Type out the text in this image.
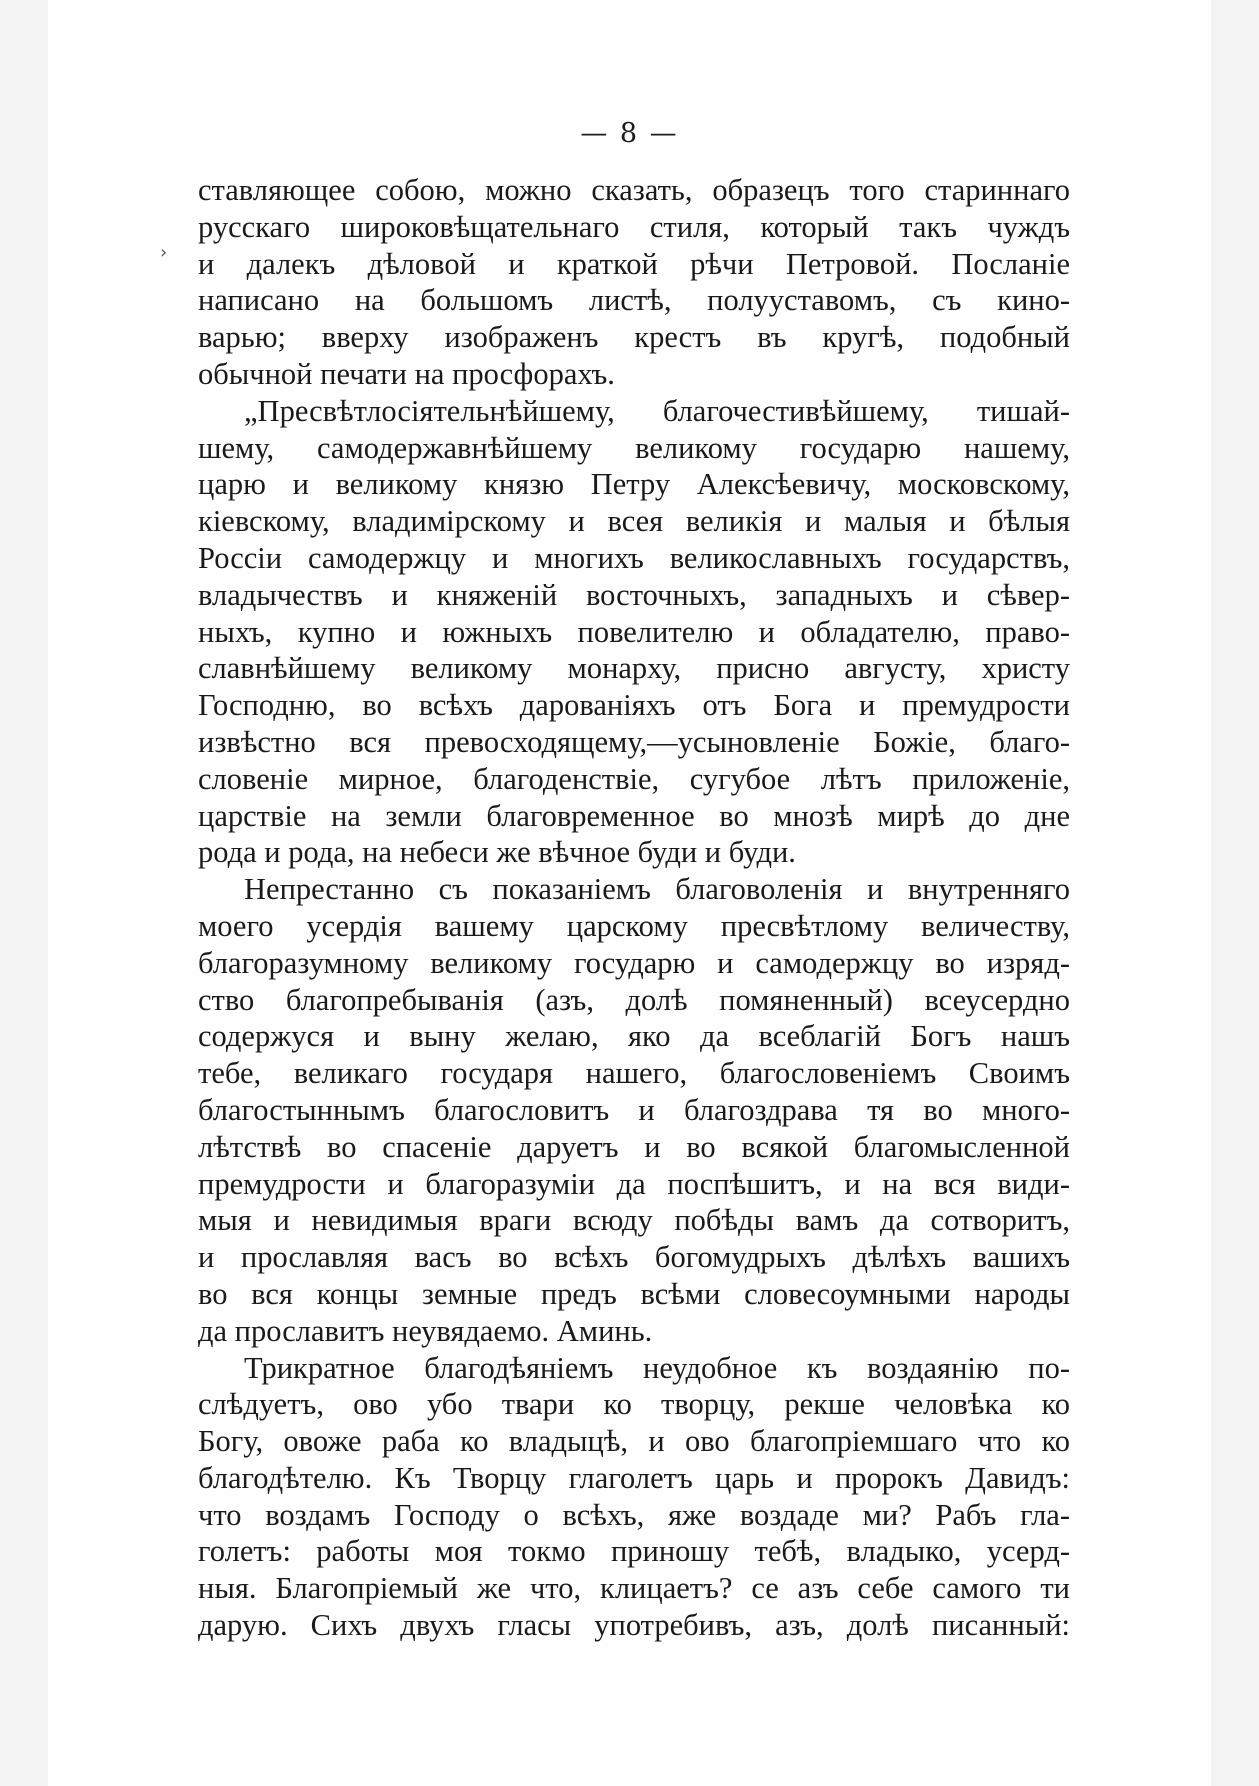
— 8 —
›

ставляющее собою, можно сказать, образецъ того стариннаго
русскаго широковѣщательнаго стиля, который такъ чуждъ
и далекъ дѣловой и краткой рѣчи Петровой. Посланіе
написано на большомъ листѣ, полууставомъ, съ кино-
варью; вверху изображенъ крестъ въ кругѣ, подобный
обычной печати на просфорахъ.

„Пресвѣтлосіятельнѣйшему, благочестивѣйшему, тишай-
шему, самодержавнѣйшему великому государю нашему,
царю и великому князю Петру Алексѣевичу, московскому,
кіевскому, владимірскому и всея великія и малыя и бѣлыя
Россіи самодержцу и многихъ великославныхъ государствъ,
владычествъ и княженій восточныхъ, западныхъ и сѣвер-
ныхъ, купно и южныхъ повелителю и обладателю, право-
славнѣйшему великому монарху, присно августу, христу
Господню, во всѣхъ дарованіяхъ отъ Бога и премудрости
извѣстно вся превосходящему,—усыновленіе Божіе, благо-
словеніе мирное, благоденствіе, сугубое лѣтъ приложеніе,
царствіе на земли благовременное во мнозѣ мирѣ до дне
рода и рода, на небеси же вѣчное буди и буди.

Непрестанно съ показаніемъ благоволенія и внутренняго
моего усердія вашему царскому пресвѣтлому величеству,
благоразумному великому государю и самодержцу во изряд-
ство благопребыванія (азъ, долѣ помяненный) всеусердно
содержуся и выну желаю, яко да всеблагій Богъ нашъ
тебе, великаго государя нашего, благословеніемъ Своимъ
благостыннымъ благословитъ и благоздрава тя во много-
лѣтствѣ во спасеніе даруетъ и во всякой благомысленной
премудрости и благоразуміи да поспѣшитъ, и на вся види-
мыя и невидимыя враги всюду побѣды вамъ да сотворитъ,
и прославляя васъ во всѣхъ богомудрыхъ дѣлѣхъ вашихъ
во вся концы земные предъ всѣми словесоумными народы
да прославитъ неувядаемо. Аминь.

Трикратное благодѣяніемъ неудобное къ воздаянію по-
слѣдуетъ, ово убо твари ко творцу, рекше человѣка ко
Богу, овоже раба ко владыцѣ, и ово благопріемшаго что ко
благодѣтелю. Къ Творцу глаголетъ царь и пророкъ Давидъ:
что воздамъ Господу о всѣхъ, яже воздаде ми? Рабъ гла-
голетъ: работы моя токмо приношу тебѣ, владыко, усерд-
ныя. Благопріемый же что, клицаетъ? се азъ себе самого ти
дарую. Сихъ двухъ гласы употребивъ, азъ, долѣ писанный:
